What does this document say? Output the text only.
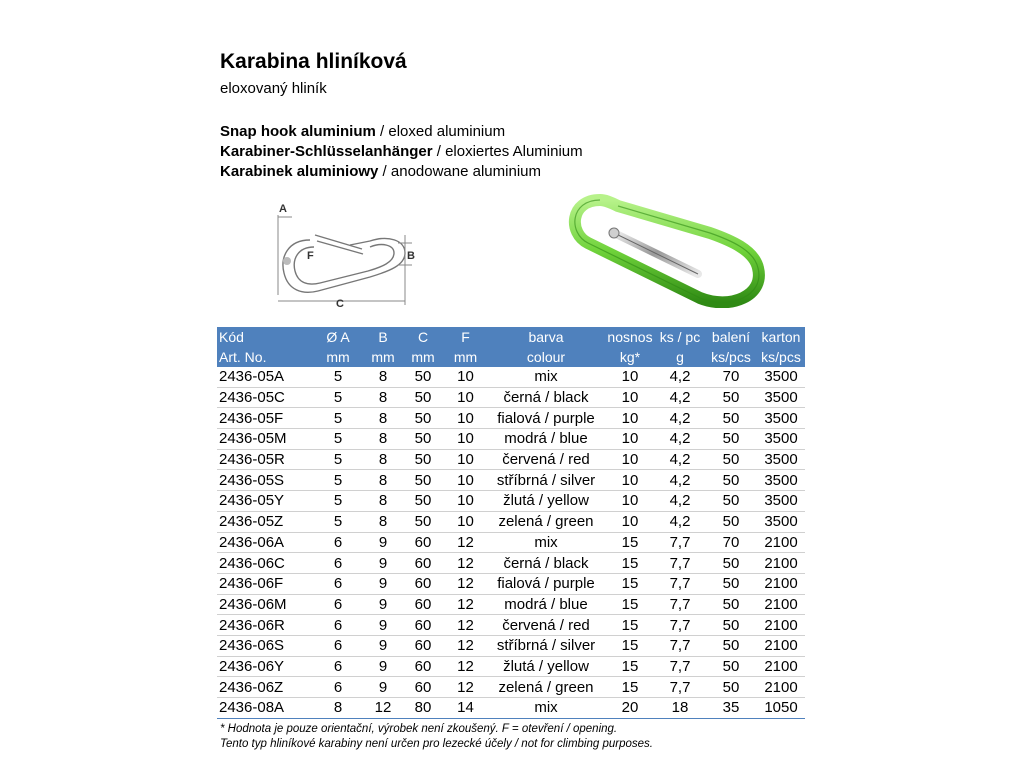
Karabina hliníková
eloxovaný hliník
Snap hook aluminium / eloxed aluminium
Karabiner-Schlüsselanhänger / eloxiertes Aluminium
Karabinek aluminiowy / anodowane aluminium
A
B
C
F
Kód	Ø A	B	C	F	barva	nosnos	ks / pc	balení	karton
Art. No.	mm	mm	mm	mm	colour	kg*	g	ks/pcs	ks/pcs
2436-05A	5	8	50	10	mix	10	4,2	70	3500
2436-05C	5	8	50	10	černá / black	10	4,2	50	3500
2436-05F	5	8	50	10	fialová / purple	10	4,2	50	3500
2436-05M	5	8	50	10	modrá / blue	10	4,2	50	3500
2436-05R	5	8	50	10	červená / red	10	4,2	50	3500
2436-05S	5	8	50	10	stříbrná / silver	10	4,2	50	3500
2436-05Y	5	8	50	10	žlutá / yellow	10	4,2	50	3500
2436-05Z	5	8	50	10	zelená / green	10	4,2	50	3500
2436-06A	6	9	60	12	mix	15	7,7	70	2100
2436-06C	6	9	60	12	černá / black	15	7,7	50	2100
2436-06F	6	9	60	12	fialová / purple	15	7,7	50	2100
2436-06M	6	9	60	12	modrá / blue	15	7,7	50	2100
2436-06R	6	9	60	12	červená / red	15	7,7	50	2100
2436-06S	6	9	60	12	stříbrná / silver	15	7,7	50	2100
2436-06Y	6	9	60	12	žlutá / yellow	15	7,7	50	2100
2436-06Z	6	9	60	12	zelená / green	15	7,7	50	2100
2436-08A	8	12	80	14	mix	20	18	35	1050
* Hodnota je pouze orientační, výrobek není zkoušený. F = otevření / opening.
Tento typ hliníkové karabiny není určen pro lezecké účely / not for climbing purposes.
